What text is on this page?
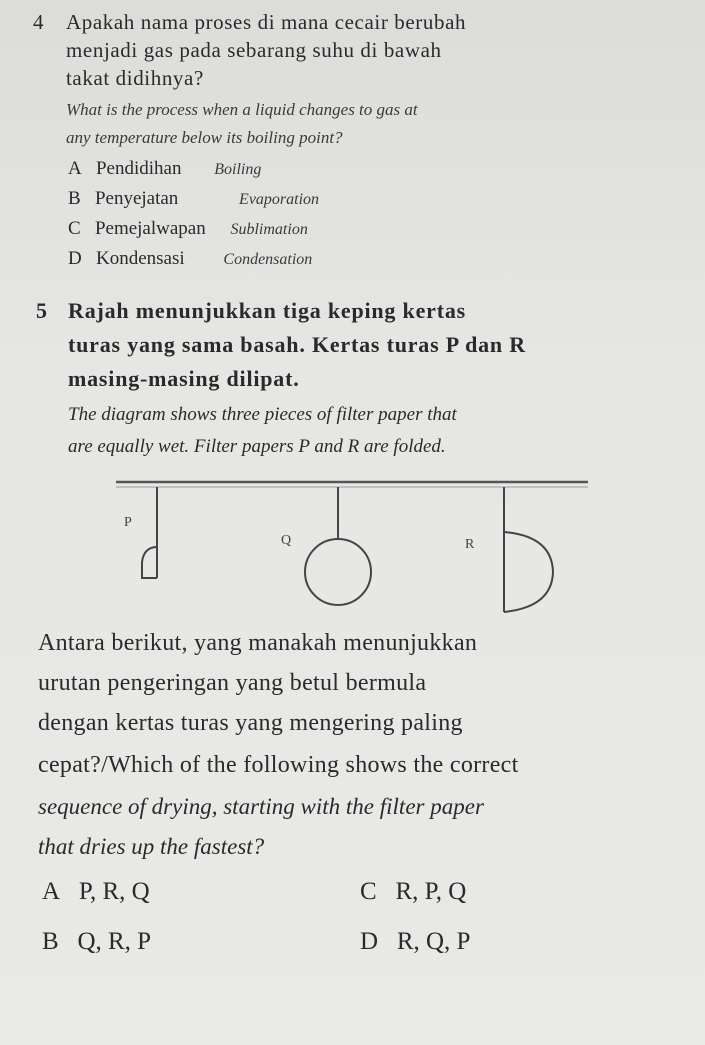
4 Apakah nama proses di mana cecair berubah
menjadi gas pada sebarang suhu di bawah
takat didihnya?
What is the process when a liquid changes to gas at
any temperature below its boiling point?
A Pendidihan Boiling
B Penyejatan	Evaporation
C Pemejalwapan Sublimation
D Kondensasi Condensation
5 Rajah menunjukkan tiga keping kertas
turas yang sama basah. Kertas turas P dan R
masing-masing dilipat.
The diagram shows three pieces of filter paper that
are equally wet. Filter papers P and R are folded.
P
Q	R
Antara berikut, yang manakah menunjukkan
urutan pengeringan yang betul bermula
dengan kertas turas yang mengering paling
cepat?/Which of the following shows the correct
sequence of drying, starting with the filter paper
that dries up the fastest?
A P, R, Q
B Q, R, P
C R, P, Q
D R, Q, P
